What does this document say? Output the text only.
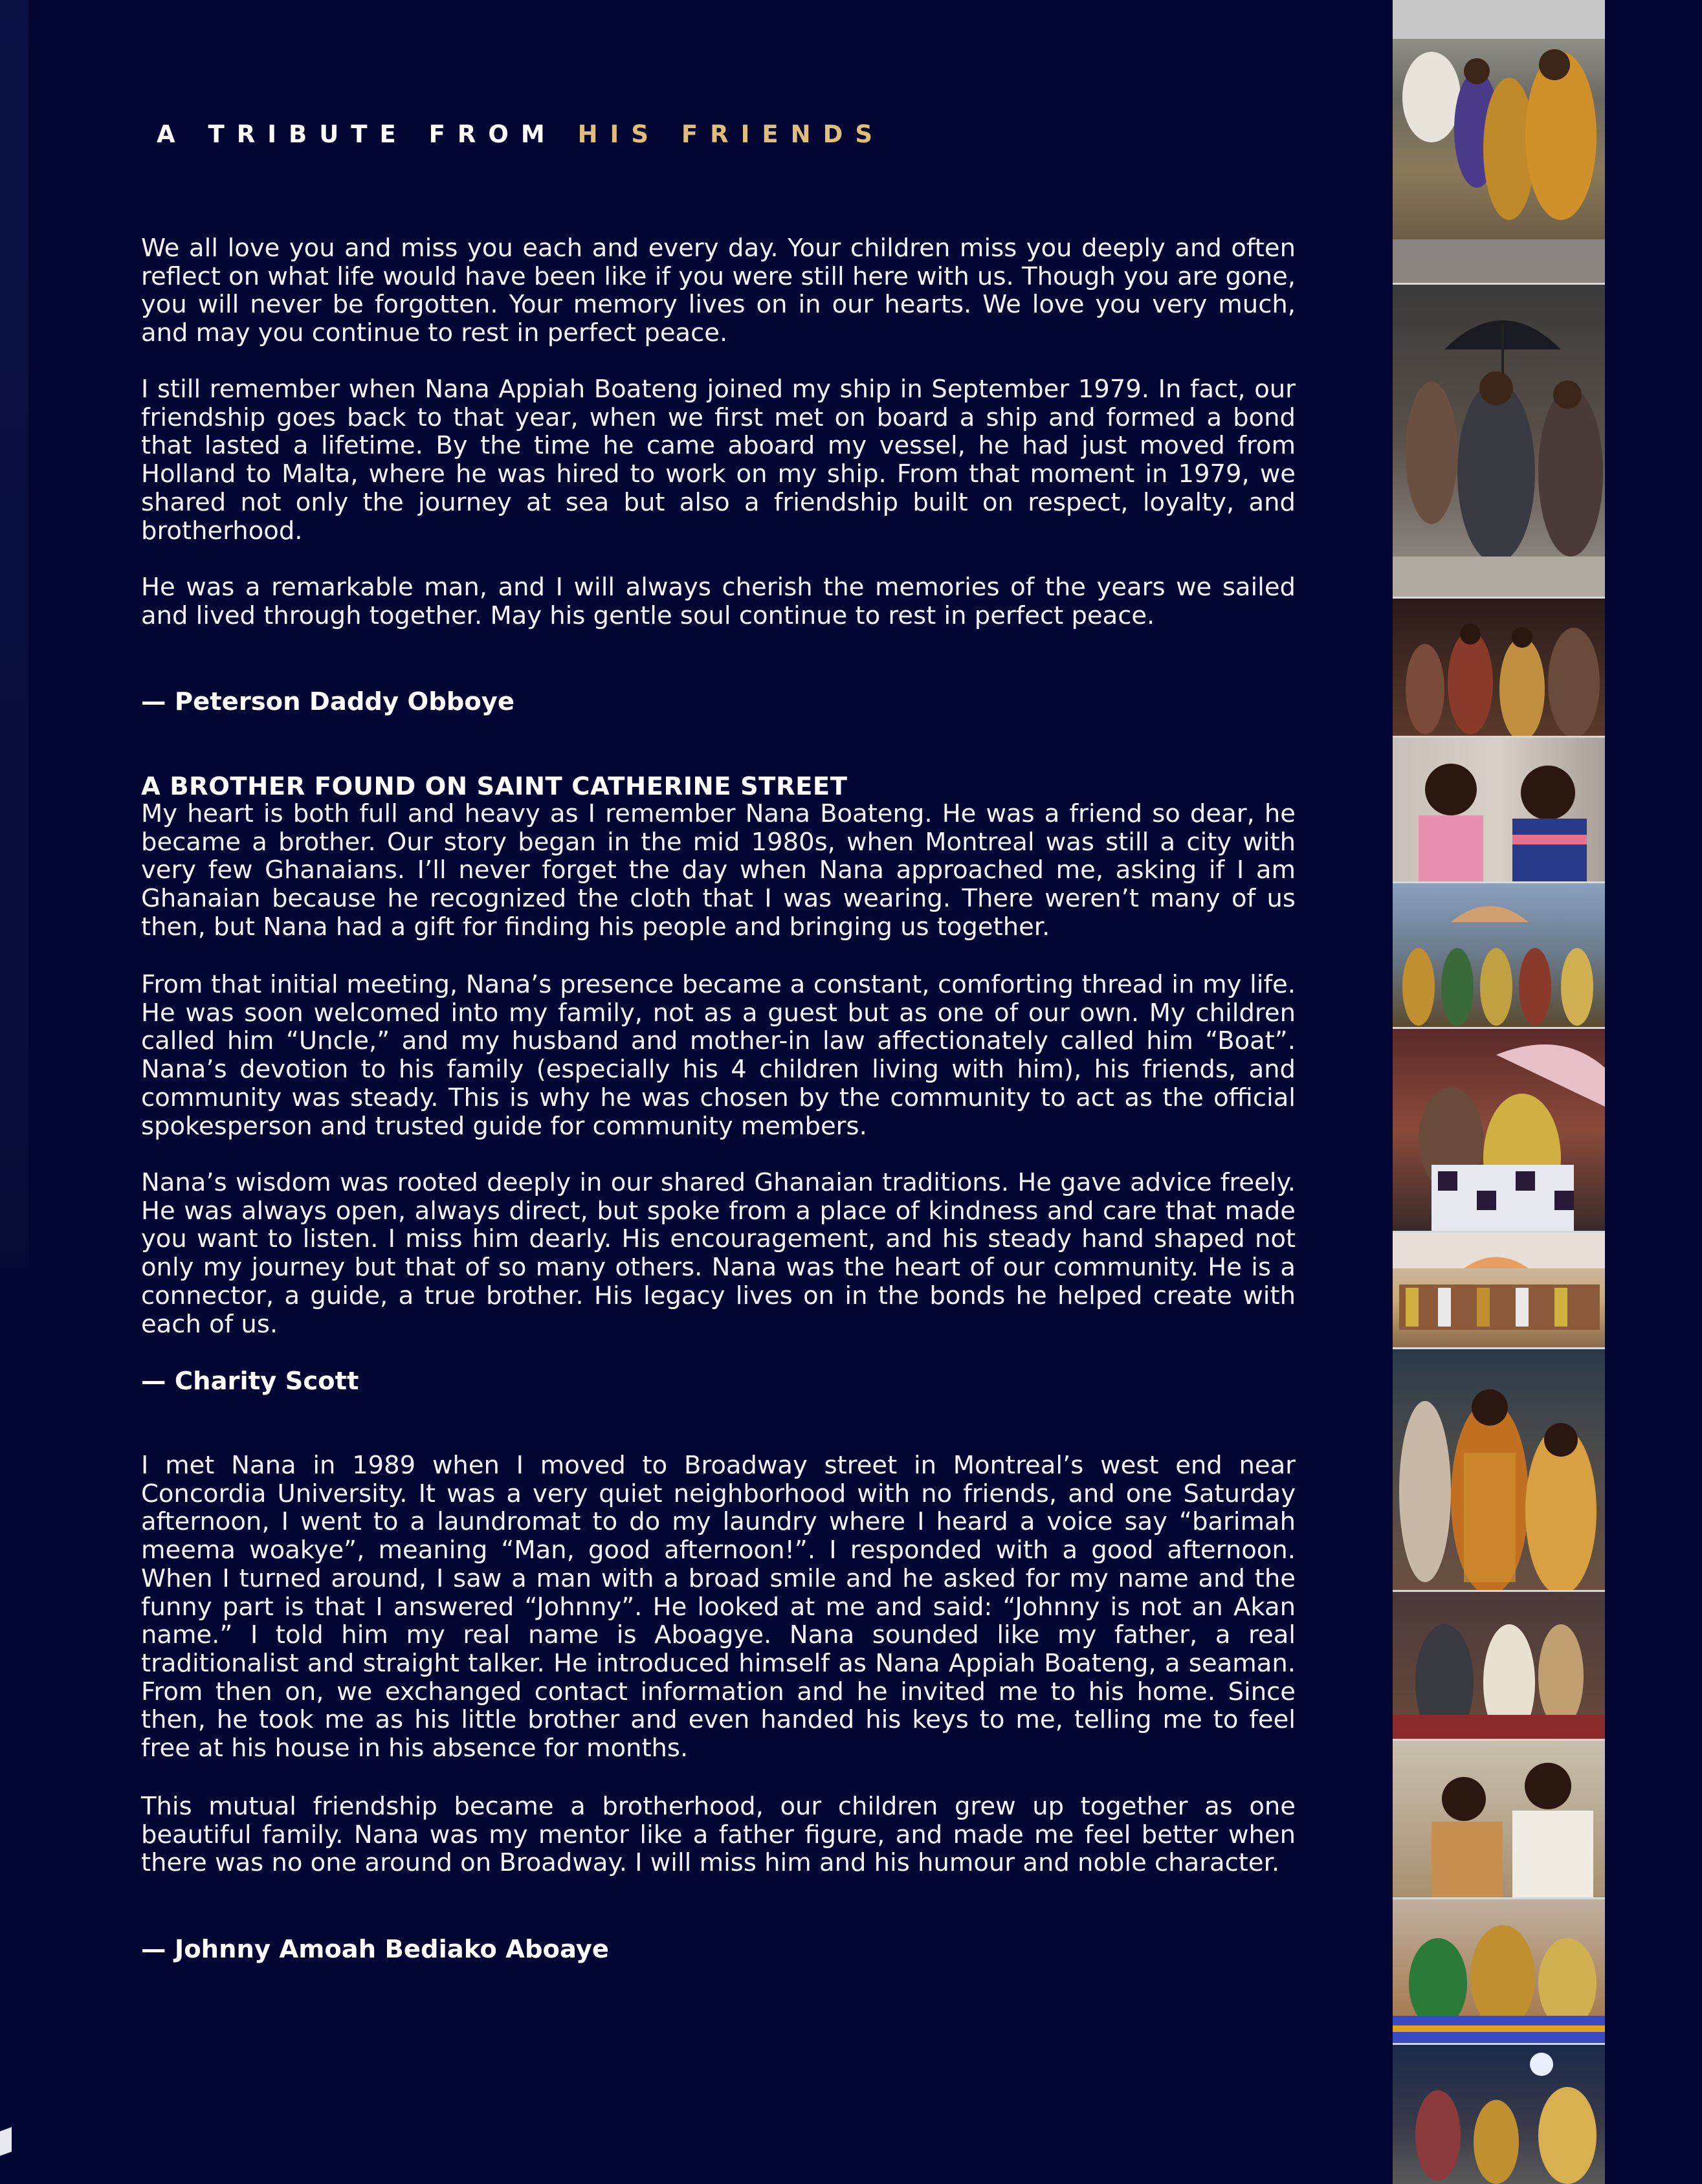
A TRIBUTE FROM HIS FRIENDS

We all love you and miss you each and every day. Your children miss you deeply and often reflect on what life would have been like if you were still here with us. Though you are gone, you will never be forgotten. Your memory lives on in our hearts. We love you very much, and may you continue to rest in perfect peace.

I still remember when Nana Appiah Boateng joined my ship in September 1979. In fact, our friendship goes back to that year, when we first met on board a ship and formed a bond that lasted a lifetime. By the time he came aboard my vessel, he had just moved from Holland to Malta, where he was hired to work on my ship. From that moment in 1979, we shared not only the journey at sea but also a friendship built on respect, loyalty, and brotherhood.

He was a remarkable man, and I will always cherish the memories of the years we sailed and lived through together. May his gentle soul continue to rest in perfect peace.

— Peterson Daddy Obboye
A BROTHER FOUND ON SAINT CATHERINE STREET

My heart is both full and heavy as I remember Nana Boateng. He was a friend so dear, he became a brother. Our story began in the mid 1980s, when Montreal was still a city with very few Ghanaians. I’ll never forget the day when Nana approached me, asking if I am Ghanaian because he recognized the cloth that I was wearing. There weren’t many of us then, but Nana had a gift for finding his people and bringing us together.

From that initial meeting, Nana’s presence became a constant, comforting thread in my life. He was soon welcomed into my family, not as a guest but as one of our own. My children called him “Uncle,” and my husband and mother-in law affectionately called him “Boat”. Nana’s devotion to his family (especially his 4 children living with him), his friends, and community was steady. This is why he was chosen by the community to act as the official spokesperson and trusted guide for community members.

Nana’s wisdom was rooted deeply in our shared Ghanaian traditions. He gave advice freely. He was always open, always direct, but spoke from a place of kindness and care that made you want to listen. I miss him dearly. His encouragement, and his steady hand shaped not only my journey but that of so many others. Nana was the heart of our community. He is a connector, a guide, a true brother. His legacy lives on in the bonds he helped create with each of us.

— Charity Scott

I met Nana in 1989 when I moved to Broadway street in Montreal’s west end near Concordia University. It was a very quiet neighborhood with no friends, and one Saturday afternoon, I went to a laundromat to do my laundry where I heard a voice say “barimah meema woakye”, meaning “Man, good afternoon!”. I responded with a good afternoon. When I turned around, I saw a man with a broad smile and he asked for my name and the funny part is that I answered “Johnny”. He looked at me and said: “Johnny is not an Akan name.” I told him my real name is Aboagye. Nana sounded like my father, a real traditionalist and straight talker. He introduced himself as Nana Appiah Boateng, a seaman. From then on, we exchanged contact information and he invited me to his home. Since then, he took me as his little brother and even handed his keys to me, telling me to feel free at his house in his absence for months.

This mutual friendship became a brotherhood, our children grew up together as one beautiful family. Nana was my mentor like a father figure, and made me feel better when there was no one around on Broadway. I will miss him and his humour and noble character.

— Johnny Amoah Bediako Aboaye
